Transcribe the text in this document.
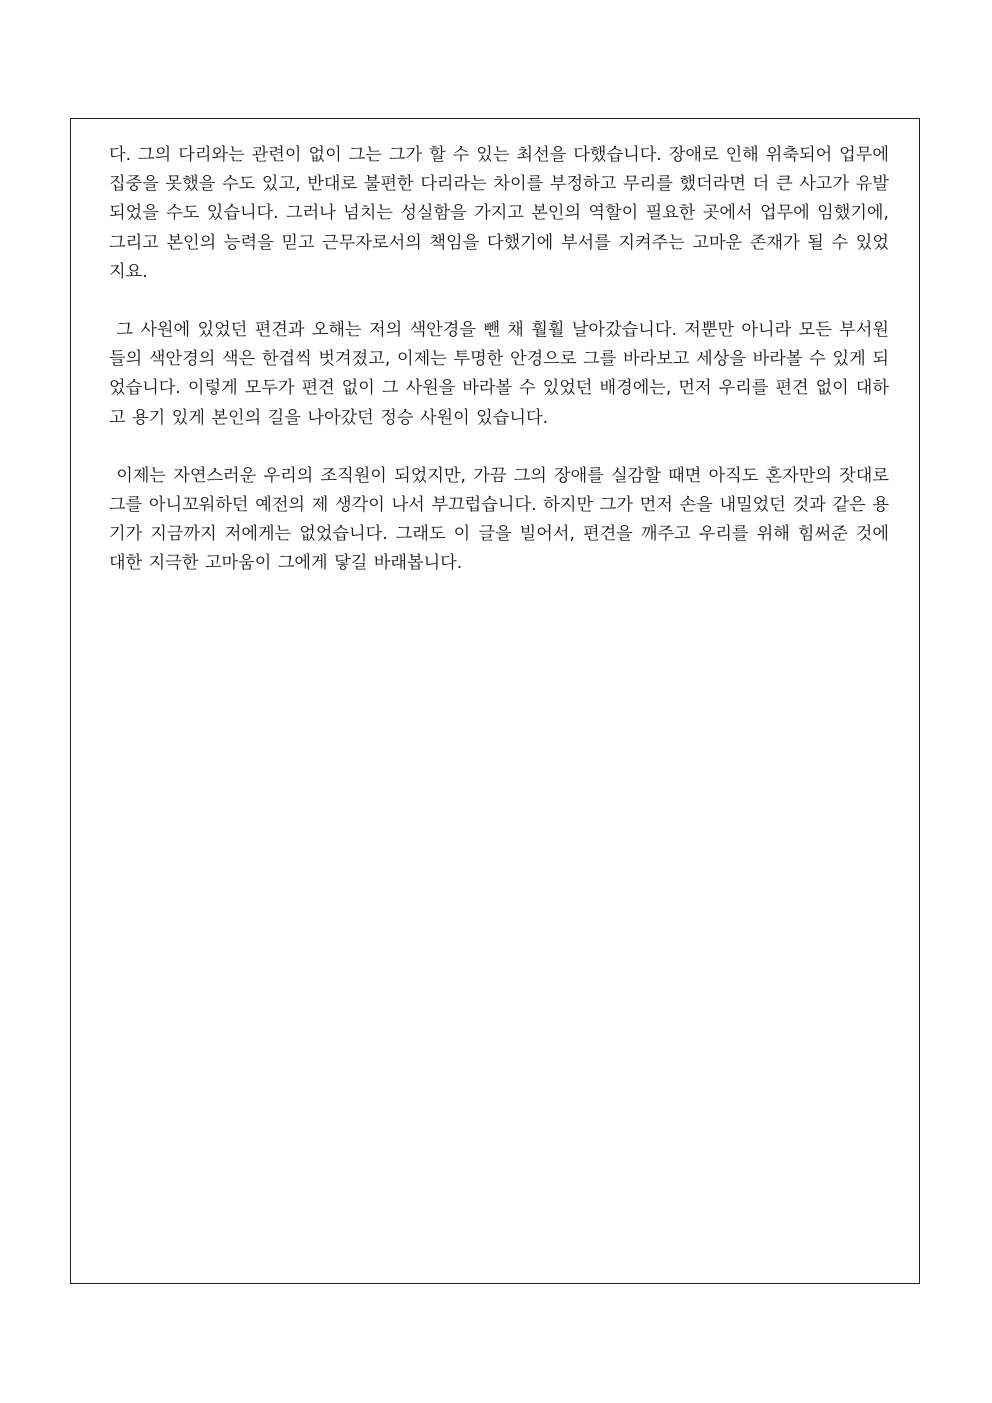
다. 그의 다리와는 관련이 없이 그는 그가 할 수 있는 최선을 다했습니다. 장애로 인해 위축되어 업무에 집중을 못했을 수도 있고, 반대로 불편한 다리라는 차이를 부정하고 무리를 했더라면 더 큰 사고가 유발되었을 수도 있습니다. 그러나 넘치는 성실함을 가지고 본인의 역할이 필요한 곳에서 업무에 임했기에, 그리고 본인의 능력을 믿고 근무자로서의 책임을 다했기에 부서를 지켜주는 고마운 존재가 될 수 있었지요.

그 사원에 있었던 편견과 오해는 저의 색안경을 뺀 채 훨훨 날아갔습니다. 저뿐만 아니라 모든 부서원들의 색안경의 색은 한겹씩 벗겨졌고, 이제는 투명한 안경으로 그를 바라보고 세상을 바라볼 수 있게 되었습니다. 이렇게 모두가 편견 없이 그 사원을 바라볼 수 있었던 배경에는, 먼저 우리를 편견 없이 대하고 용기 있게 본인의 길을 나아갔던 정승 사원이 있습니다.

이제는 자연스러운 우리의 조직원이 되었지만, 가끔 그의 장애를 실감할 때면 아직도 혼자만의 잣대로 그를 아니꼬워하던 예전의 제 생각이 나서 부끄럽습니다. 하지만 그가 먼저 손을 내밀었던 것과 같은 용기가 지금까지 저에게는 없었습니다. 그래도 이 글을 빌어서, 편견을 깨주고 우리를 위해 힘써준 것에 대한 지극한 고마움이 그에게 닿길 바래봅니다.
